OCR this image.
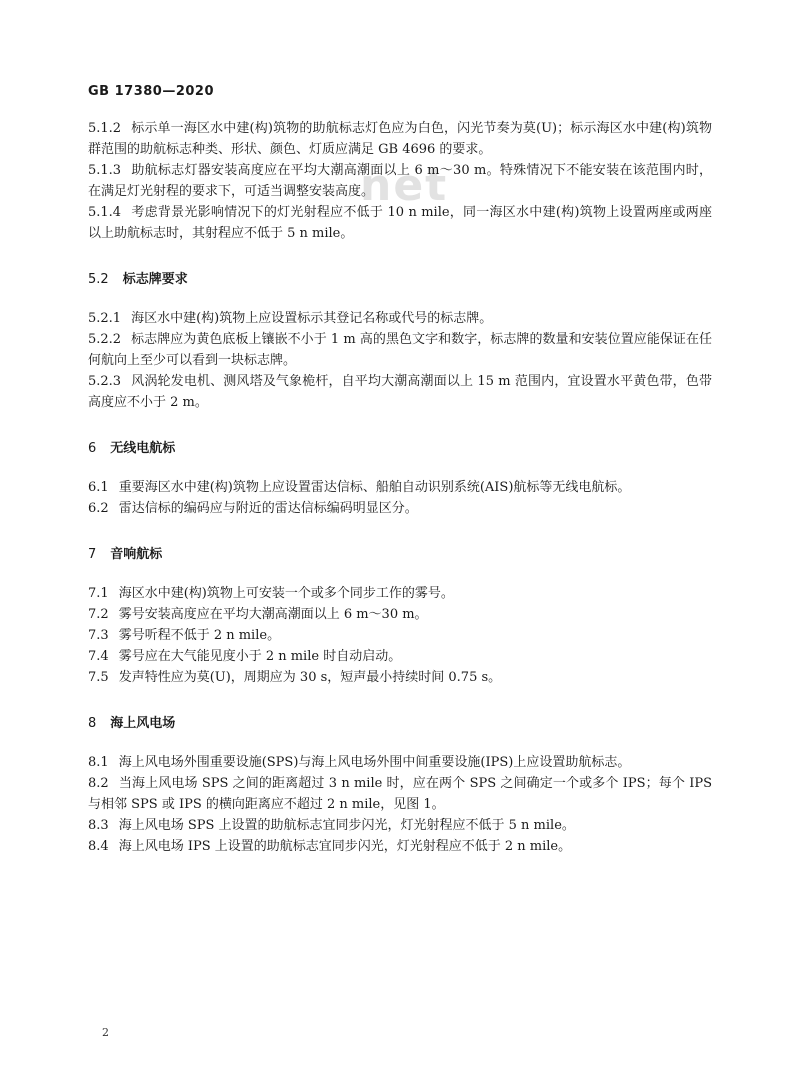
GB 17380—2020
net

5.1.2 标示单一海区水中建(构)筑物的助航标志灯色应为白色，闪光节奏为莫(U)；标示海区水中建(构)筑物群范围的助航标志种类、形状、颜色、灯质应满足 GB 4696 的要求。

5.1.3 助航标志灯器安装高度应在平均大潮高潮面以上 6 m～30 m。特殊情况下不能安装在该范围内时，在满足灯光射程的要求下，可适当调整安装高度。

5.1.4 考虑背景光影响情况下的灯光射程应不低于 10 n mile，同一海区水中建(构)筑物上设置两座或两座以上助航标志时，其射程应不低于 5 n mile。

5.2 标志牌要求

5.2.1 海区水中建(构)筑物上应设置标示其登记名称或代号的标志牌。

5.2.2 标志牌应为黄色底板上镶嵌不小于 1 m 高的黑色文字和数字，标志牌的数量和安装位置应能保证在任何航向上至少可以看到一块标志牌。

5.2.3 风涡轮发电机、测风塔及气象桅杆，自平均大潮高潮面以上 15 m 范围内，宜设置水平黄色带，色带高度应不小于 2 m。

6 无线电航标

6.1 重要海区水中建(构)筑物上应设置雷达信标、船舶自动识别系统(AIS)航标等无线电航标。

6.2 雷达信标的编码应与附近的雷达信标编码明显区分。

7 音响航标

7.1 海区水中建(构)筑物上可安装一个或多个同步工作的雾号。

7.2 雾号安装高度应在平均大潮高潮面以上 6 m～30 m。

7.3 雾号听程不低于 2 n mile。

7.4 雾号应在大气能见度小于 2 n mile 时自动启动。

7.5 发声特性应为莫(U)，周期应为 30 s，短声最小持续时间 0.75 s。

8 海上风电场

8.1 海上风电场外围重要设施(SPS)与海上风电场外围中间重要设施(IPS)上应设置助航标志。

8.2 当海上风电场 SPS 之间的距离超过 3 n mile 时，应在两个 SPS 之间确定一个或多个 IPS；每个 IPS 与相邻 SPS 或 IPS 的横向距离应不超过 2 n mile，见图 1。

8.3 海上风电场 SPS 上设置的助航标志宜同步闪光，灯光射程应不低于 5 n mile。

8.4 海上风电场 IPS 上设置的助航标志宜同步闪光，灯光射程应不低于 2 n mile。

2
